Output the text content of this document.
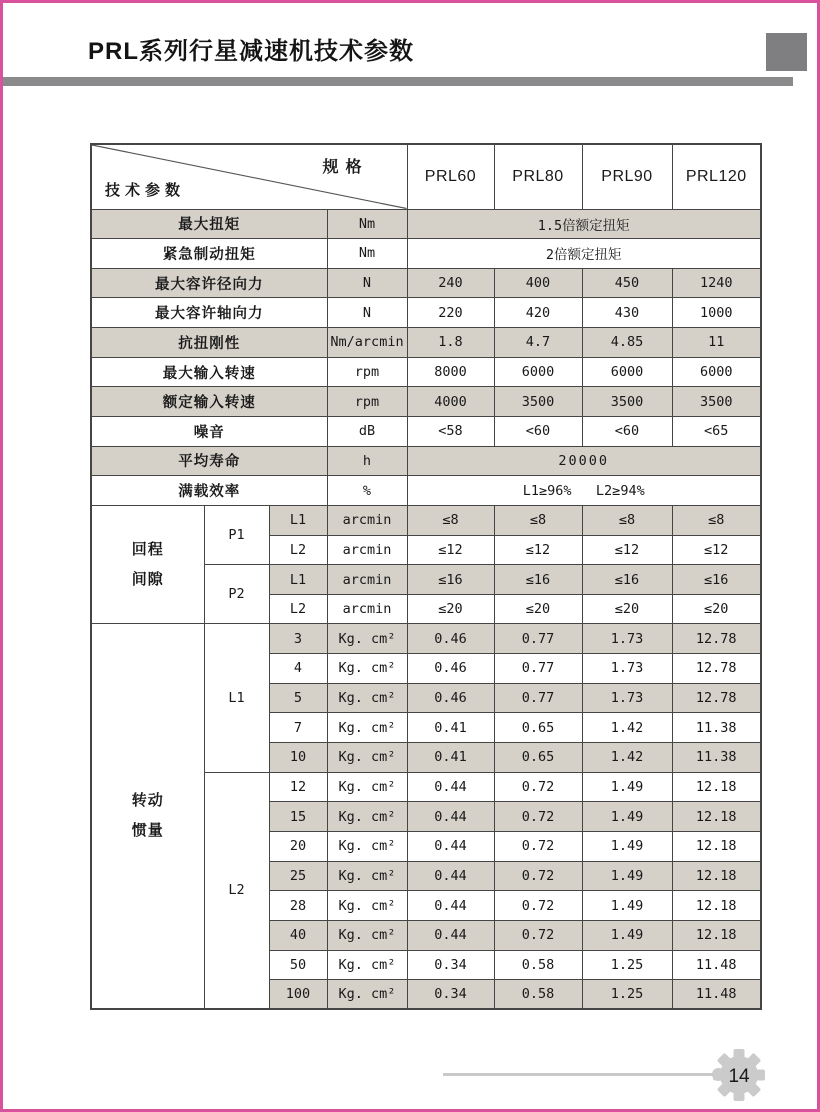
PRL系列行星减速机技术参数
规格
技术参数				PRL60	PRL80	PRL90	PRL120
最大扭矩			Nm	1.5倍额定扭矩			
紧急制动扭矩			Nm	2倍额定扭矩			
最大容许径向力			N	240	400	450	1240
最大容许轴向力			N	220	420	430	1000
抗扭刚性			Nm/arcmin	1.8	4.7	4.85	11
最大输入转速			rpm	8000	6000	6000	6000
额定输入转速			rpm	4000	3500	3500	3500
噪音			dB	<58	<60	<60	<65
平均寿命			h	20000			
满载效率			%	L1≥96%   L2≥94%			
回程
间隙	P1	L1	arcmin	≤8	≤8	≤8	≤8
		L2	arcmin	≤12	≤12	≤12	≤12
	P2	L1	arcmin	≤16	≤16	≤16	≤16
		L2	arcmin	≤20	≤20	≤20	≤20
转动
惯量	L1	3	Kg. cm²	0.46	0.77	1.73	12.78
		4	Kg. cm²	0.46	0.77	1.73	12.78
		5	Kg. cm²	0.46	0.77	1.73	12.78
		7	Kg. cm²	0.41	0.65	1.42	11.38
		10	Kg. cm²	0.41	0.65	1.42	11.38
	L2	12	Kg. cm²	0.44	0.72	1.49	12.18
		15	Kg. cm²	0.44	0.72	1.49	12.18
		20	Kg. cm²	0.44	0.72	1.49	12.18
		25	Kg. cm²	0.44	0.72	1.49	12.18
		28	Kg. cm²	0.44	0.72	1.49	12.18
		40	Kg. cm²	0.44	0.72	1.49	12.18
		50	Kg. cm²	0.34	0.58	1.25	11.48
		100	Kg. cm²	0.34	0.58	1.25	11.48
14
